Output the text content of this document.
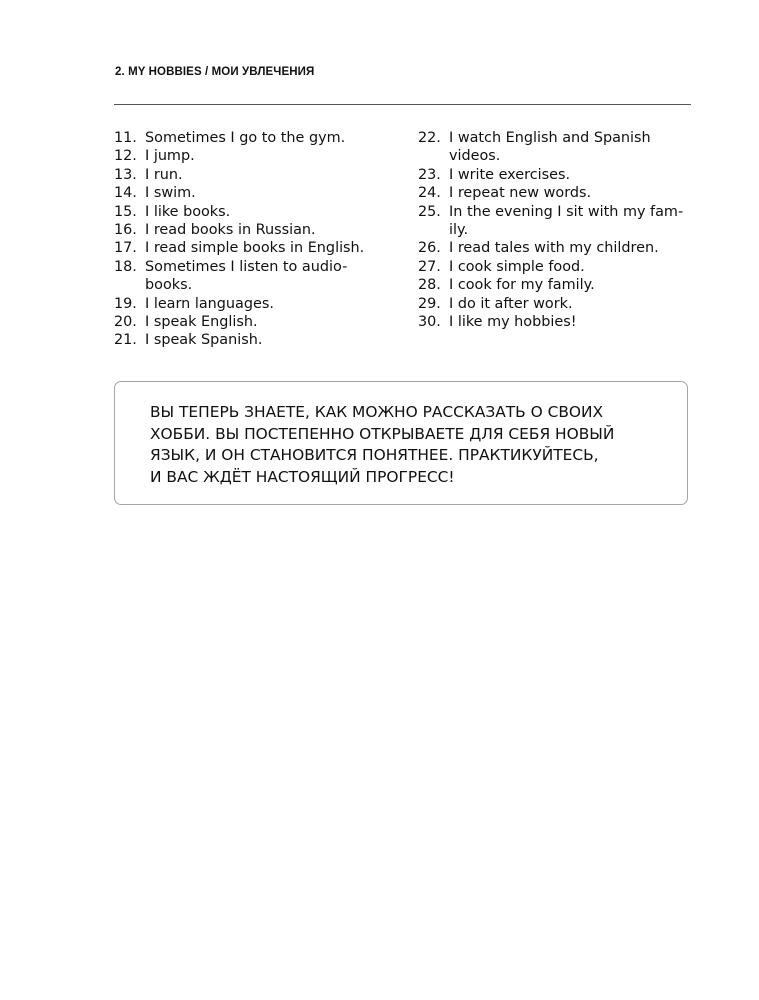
2. MY HOBBIES / МОИ УВЛЕЧЕНИЯ
11. Sometimes I go to the gym.
12. I jump.
13. I run.
14. I swim.
15. I like books.
16. I read books in Russian.
17. I read simple books in English.
18. Sometimes I listen to audio-
books.
19. I learn languages.
20. I speak English.
21. I speak Spanish.
22. I watch English and Spanish
videos.
23. I write exercises.
24. I repeat new words.
25. In the evening I sit with my fam-
ily.
26. I read tales with my children.
27. I cook simple food.
28. I cook for my family.
29. I do it after work.
30. I like my hobbies!
ВЫ ТЕПЕРЬ ЗНАЕТЕ, КАК МОЖНО РАССКАЗАТЬ О СВОИХ
ХОББИ. ВЫ ПОСТЕПЕННО ОТКРЫВАЕТЕ ДЛЯ СЕБЯ НОВЫЙ
ЯЗЫК, И ОН СТАНОВИТСЯ ПОНЯТНЕЕ. ПРАКТИКУЙТЕСЬ,
И ВАС ЖДЁТ НАСТОЯЩИЙ ПРОГРЕСС!
